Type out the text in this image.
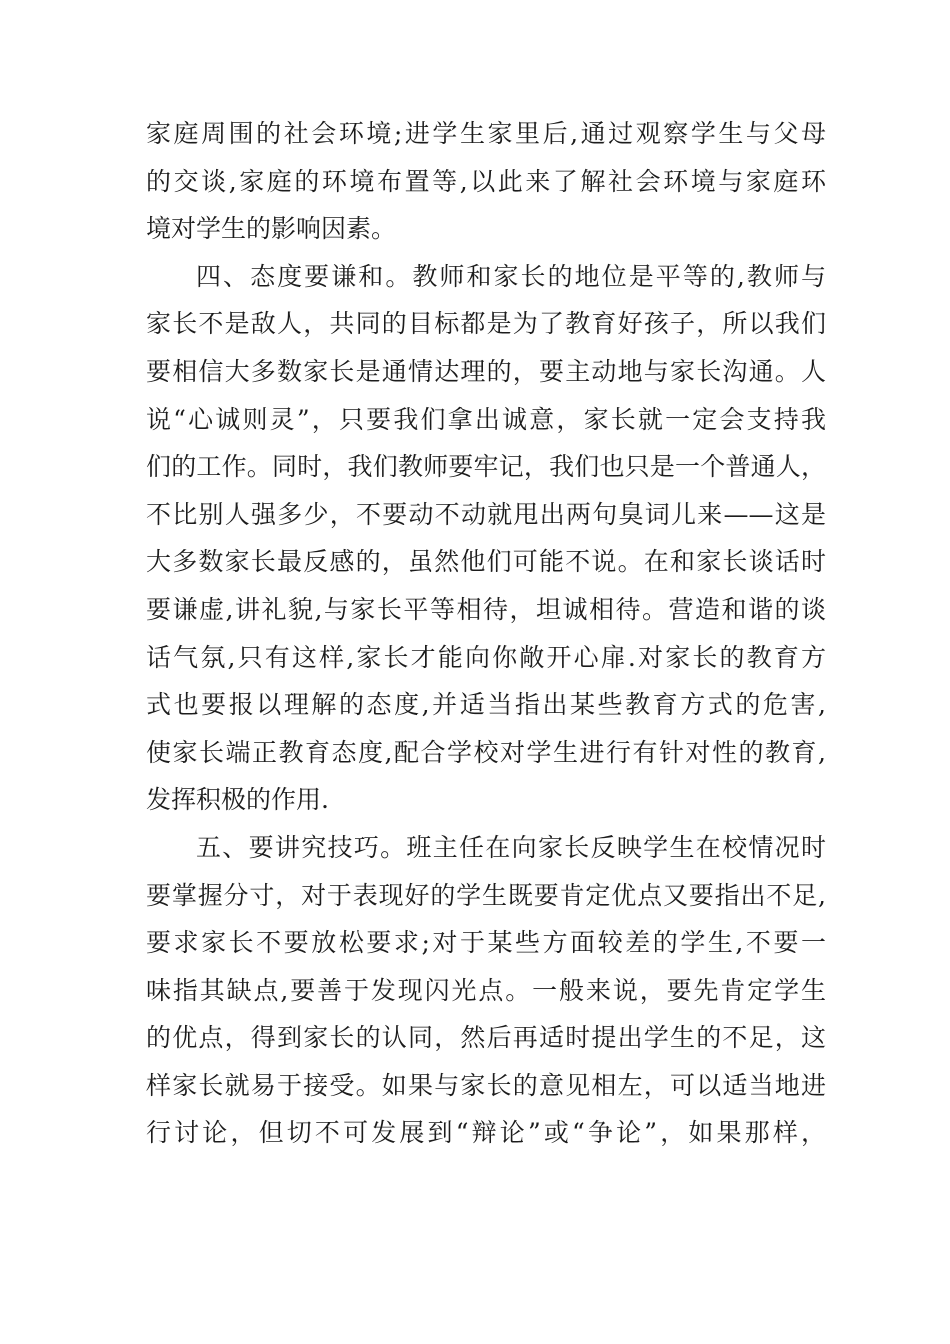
家庭周围的社会环境;进学生家里后,通过观察学生与父母
的交谈,家庭的环境布置等,以此来了解社会环境与家庭环
境对学生的影响因素。
四、态度要谦和。教师和家长的地位是平等的,教师与
家长不是敌人，共同的目标都是为了教育好孩子，所以我们
要相信大多数家长是通情达理的，要主动地与家长沟通。人
说“心诚则灵”，只要我们拿出诚意，家长就一定会支持我
们的工作。同时，我们教师要牢记，我们也只是一个普通人，
不比别人强多少，不要动不动就甩出两句臭词儿来——这是
大多数家长最反感的，虽然他们可能不说。在和家长谈话时
要谦虚,讲礼貌,与家长平等相待，坦诚相待。营造和谐的谈
话气氛,只有这样,家长才能向你敞开心扉.对家长的教育方
式也要报以理解的态度,并适当指出某些教育方式的危害,
使家长端正教育态度,配合学校对学生进行有针对性的教育,
发挥积极的作用.
五、要讲究技巧。班主任在向家长反映学生在校情况时
要掌握分寸，对于表现好的学生既要肯定优点又要指出不足,
要求家长不要放松要求;对于某些方面较差的学生,不要一
味指其缺点,要善于发现闪光点。一般来说，要先肯定学生
的优点，得到家长的认同，然后再适时提出学生的不足，这
样家长就易于接受。如果与家长的意见相左，可以适当地进
行讨论，但切不可发展到“辩论”或“争论”，如果那样，
